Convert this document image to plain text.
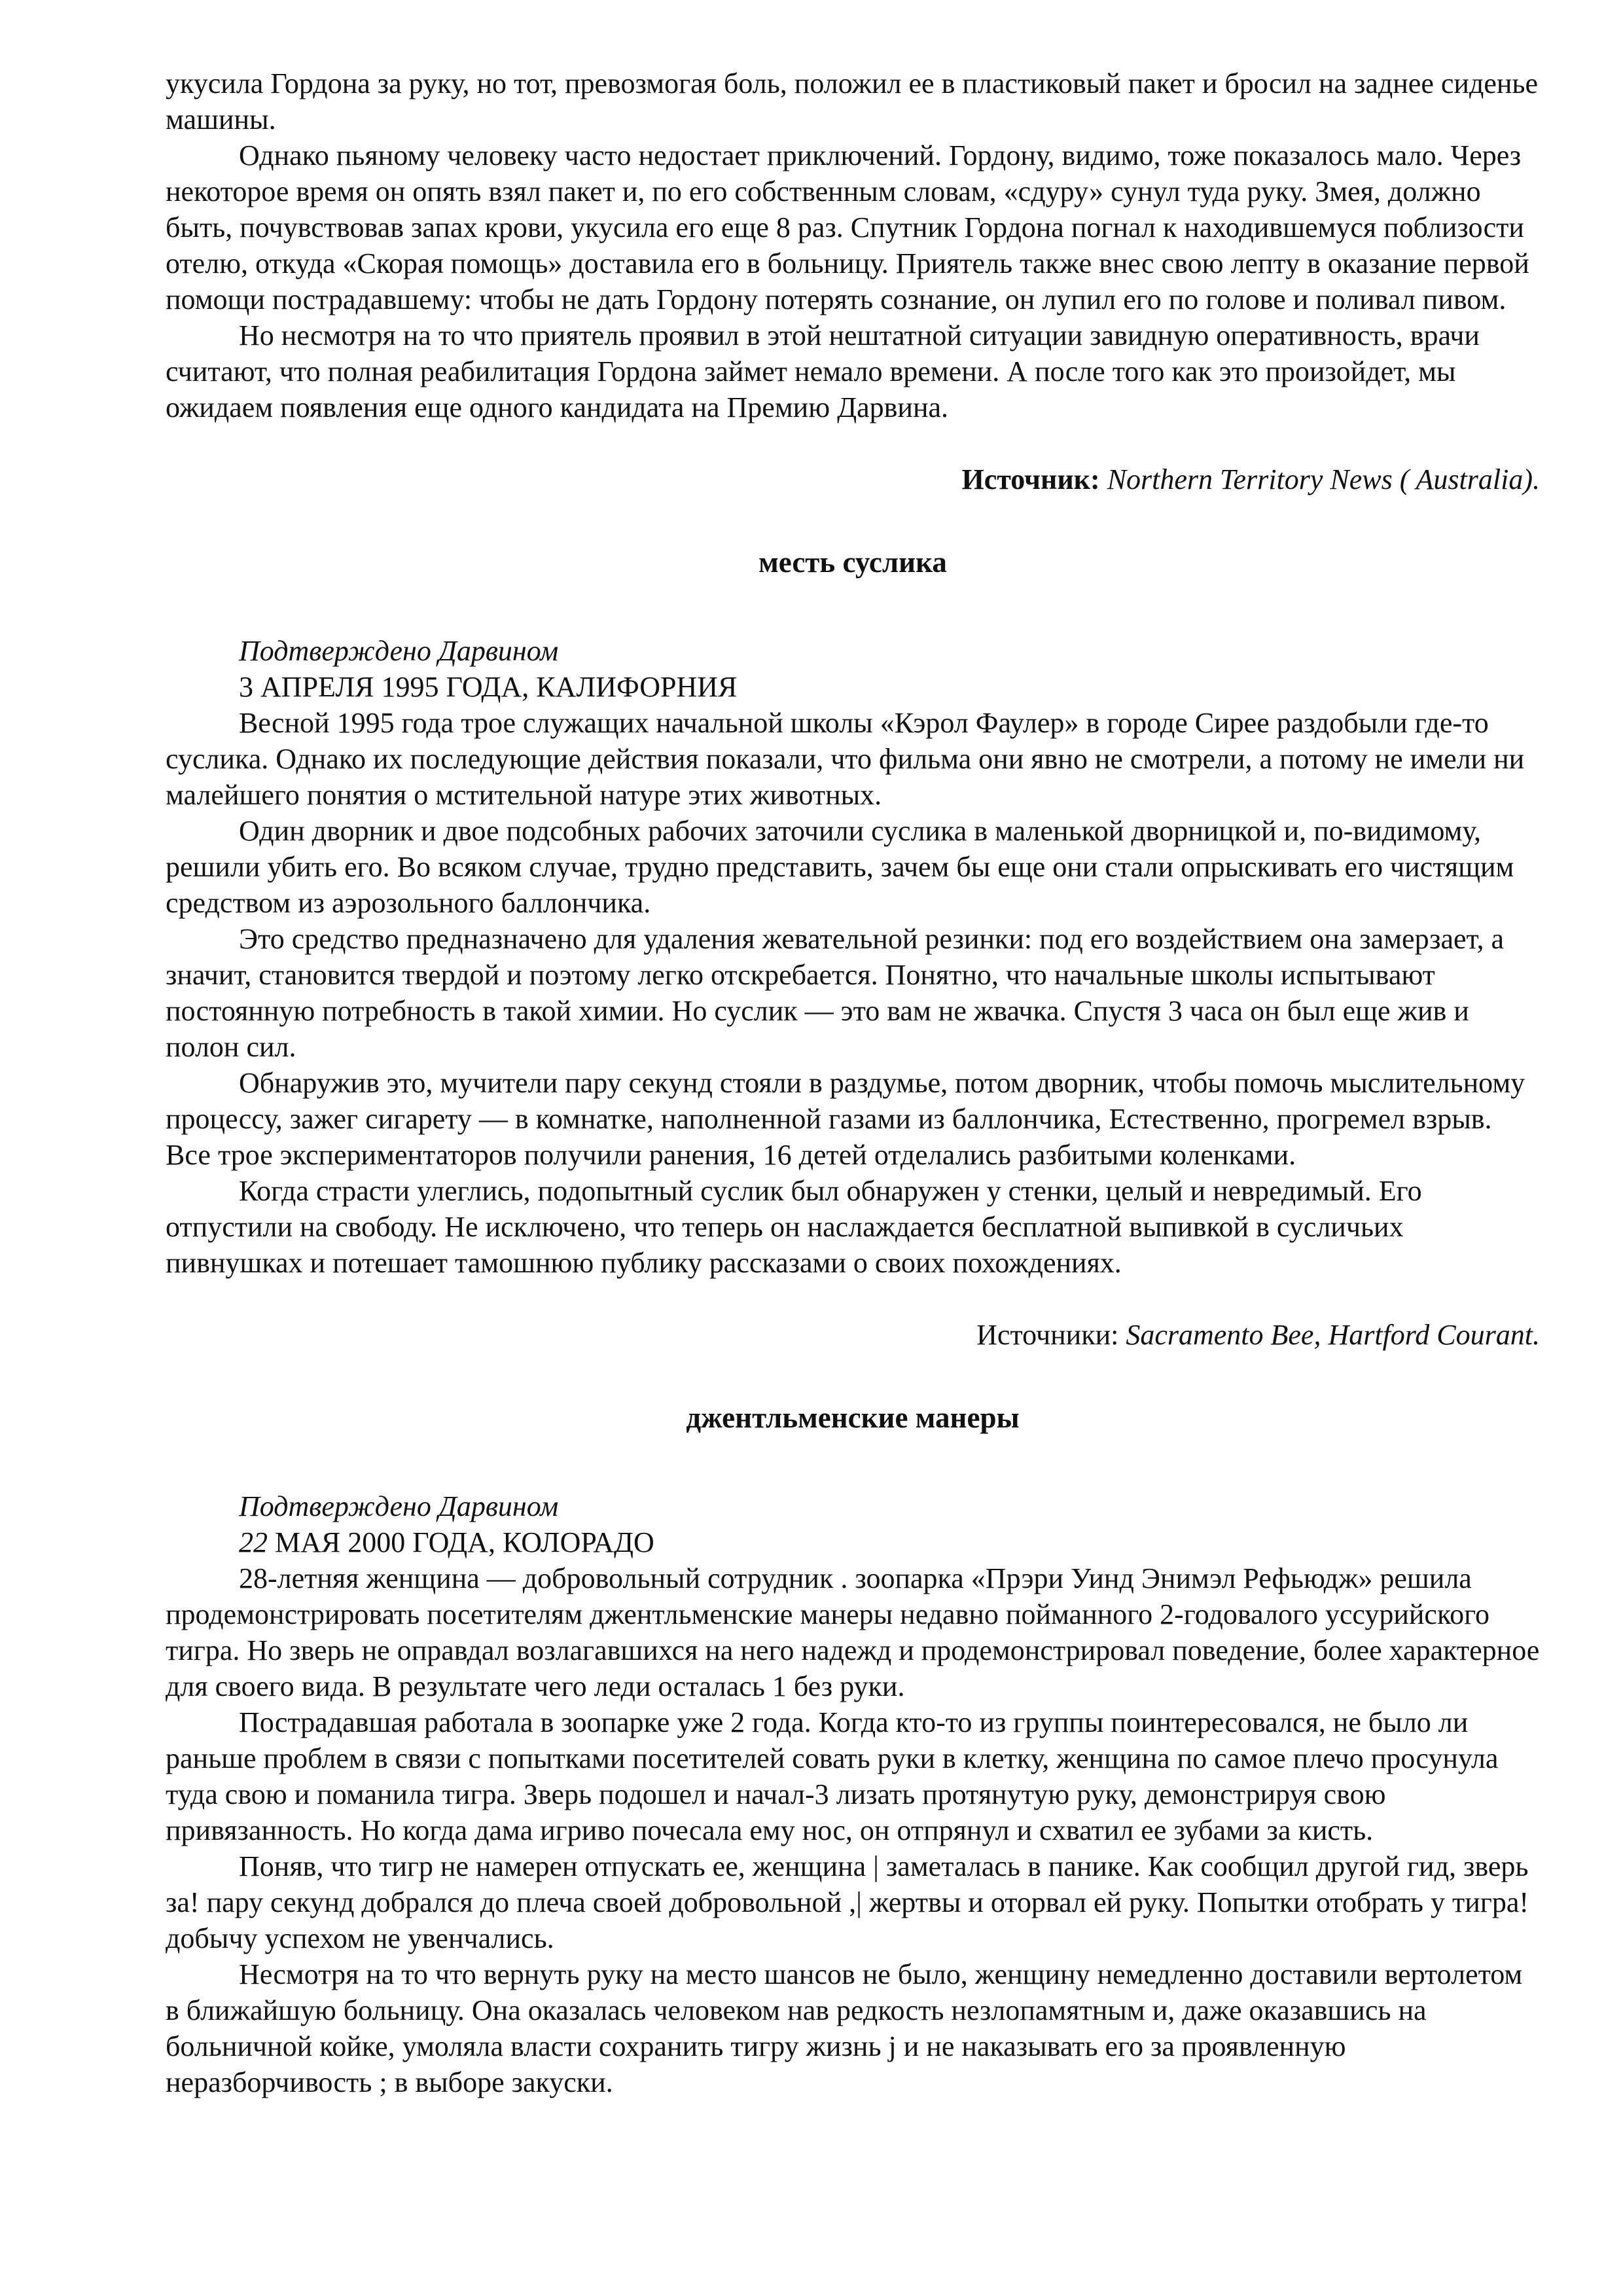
укусила Гордона за руку, но тот, превозмогая боль, положил ее в пластиковый пакет и бросил на заднее сиденье машины.

Однако пьяному человеку часто недостает приключений. Гордону, видимо, тоже показалось мало. Через некоторое время он опять взял пакет и, по его собственным словам, «сдуру» сунул туда руку. Змея, должно быть, почувствовав запах крови, укусила его еще 8 раз. Спутник Гордона погнал к находившемуся поблизости отелю, откуда «Скорая помощь» доставила его в больницу. Приятель также внес свою лепту в оказание первой помощи пострадавшему: чтобы не дать Гордону потерять сознание, он лупил его по голове и поливал пивом.

Но несмотря на то что приятель проявил в этой нештатной ситуации завидную оперативность, врачи считают, что полная реабилитация Гордона займет немало времени. А после того как это произойдет, мы ожидаем появления еще одного кандидата на Премию Дарвина.

Источник: Northern Territory News ( Australia).

месть суслика

Подтверждено Дарвином
3 АПРЕЛЯ 1995 ГОДА, КАЛИФОРНИЯ

Весной 1995 года трое служащих начальной школы «Кэрол Фаулер» в городе Сирее раздобыли где-то суслика. Однако их последующие действия показали, что фильма они явно не смотрели, а потому не имели ни малейшего понятия о мстительной натуре этих животных.

Один дворник и двое подсобных рабочих заточили суслика в маленькой дворницкой и, по-видимому, решили убить его. Во всяком случае, трудно представить, зачем бы еще они стали опрыскивать его чистящим средством из аэрозольного баллончика.

Это средство предназначено для удаления жевательной резинки: под его воздействием она замерзает, а значит, становится твердой и поэтому легко отскребается. Понятно, что начальные школы испытывают постоянную потребность в такой химии. Но суслик — это вам не жвачка. Спустя 3 часа он был еще жив и полон сил.

Обнаружив это, мучители пару секунд стояли в раздумье, потом дворник, чтобы помочь мыслительному процессу, зажег сигарету — в комнатке, наполненной газами из баллончика, Естественно, прогремел взрыв. Все трое экспериментаторов получили ранения, 16 детей отделались разбитыми коленками.

Когда страсти улеглись, подопытный суслик был обнаружен у стенки, целый и невредимый. Его отпустили на свободу. Не исключено, что теперь он наслаждается бесплатной выпивкой в сусличьих пивнушках и потешает тамошнюю публику рассказами о своих похождениях.

Источники: Sacramento Bee, Hartford Courant.

джентльменские манеры

Подтверждено Дарвином
22 МАЯ 2000 ГОДА, КОЛОРАДО

28-летняя женщина — добровольный сотрудник . зоопарка «Прэри Уинд Энимэл Рефьюдж» решила продемонстрировать посетителям джентльменские манеры недавно пойманного 2-годовалого уссурийского тигра. Но зверь не оправдал возлагавшихся на него надежд и продемонстрировал поведение, более характерное для своего вида. В результате чего леди осталась 1 без руки.

Пострадавшая работала в зоопарке уже 2 года. Когда кто-то из группы поинтересовался, не было ли раньше проблем в связи с попытками посетителей совать руки в клетку, женщина по самое плечо просунула туда свою и поманила тигра. Зверь подошел и начал-3 лизать протянутую руку, демонстрируя свою привязанность. Но когда дама игриво почесала ему нос, он отпрянул и схватил ее зубами за кисть.

Поняв, что тигр не намерен отпускать ее, женщина | заметалась в панике. Как сообщил другой гид, зверь за! пару секунд добрался до плеча своей добровольной ,| жертвы и оторвал ей руку. Попытки отобрать у тигра! добычу успехом не увенчались.

Несмотря на то что вернуть руку на место шансов не было, женщину немедленно доставили вертолетом в ближайшую больницу. Она оказалась человеком нав редкость незлопамятным и, даже оказавшись на больничной койке, умоляла власти сохранить тигру жизнь j и не наказывать его за проявленную неразборчивость ; в выборе закуски.
